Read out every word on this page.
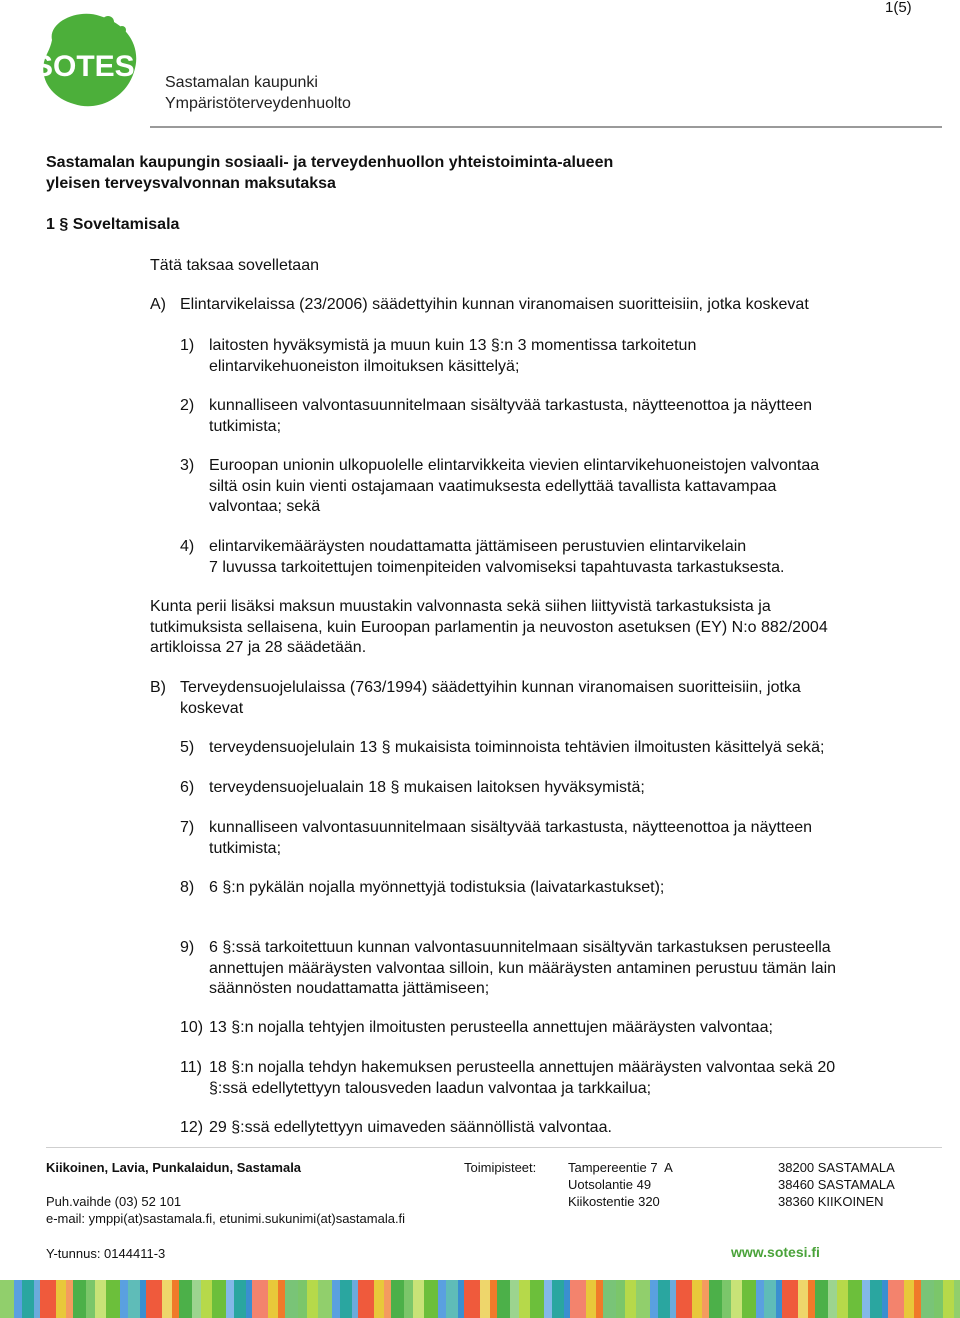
1(5)
SOTESi Sastamalan kaupunki
Ympäristöterveydenhuolto
Sastamalan kaupungin sosiaali- ja terveydenhuollon yhteistoiminta-alueen
yleisen terveysvalvonnan maksutaksa
1 § Soveltamisala
Tätä taksaa sovelletaan
A) Elintarvikelaissa (23/2006) säädettyihin kunnan viranomaisen suoritteisiin, jotka koskevat
1) laitosten hyväksymistä ja muun kuin 13 §:n 3 momentissa tarkoitetun
elintarvikehuoneiston ilmoituksen käsittelyä;
2) kunnalliseen valvontasuunnitelmaan sisältyvää tarkastusta, näytteenottoa ja näytteen
tutkimista;
3) Euroopan unionin ulkopuolelle elintarvikkeita vievien elintarvikehuoneistojen valvontaa
siltä osin kuin vienti ostajamaan vaatimuksesta edellyttää tavallista kattavampaa
valvontaa; sekä
4) elintarvikemääräysten noudattamatta jättämiseen perustuvien elintarvikelain
7 luvussa tarkoitettujen toimenpiteiden valvomiseksi tapahtuvasta tarkastuksesta.
Kunta perii lisäksi maksun muustakin valvonnasta sekä siihen liittyvistä tarkastuksista ja
tutkimuksista sellaisena, kuin Euroopan parlamentin ja neuvoston asetuksen (EY) N:o 882/2004
artikloissa 27 ja 28 säädetään.
B) Terveydensuojelulaissa (763/1994) säädettyihin kunnan viranomaisen suoritteisiin, jotka
koskevat
5) terveydensuojelulain 13 § mukaisista toiminnoista tehtävien ilmoitusten käsittelyä sekä;
6) terveydensuojelualain 18 § mukaisen laitoksen hyväksymistä;
7) kunnalliseen valvontasuunnitelmaan sisältyvää tarkastusta, näytteenottoa ja näytteen
tutkimista;
8) 6 §:n pykälän nojalla myönnettyjä todistuksia (laivatarkastukset);
9) 6 §:ssä tarkoitettuun kunnan valvontasuunnitelmaan sisältyvän tarkastuksen perusteella
annettujen määräysten valvontaa silloin, kun määräysten antaminen perustuu tämän lain
säännösten noudattamatta jättämiseen;
10) 13 §:n nojalla tehtyjen ilmoitusten perusteella annettujen määräysten valvontaa;
11) 18 §:n nojalla tehdyn hakemuksen perusteella annettujen määräysten valvontaa sekä 20
§:ssä edellytettyyn talousveden laadun valvontaa ja tarkkailua;
12) 29 §:ssä edellytettyyn uimaveden säännöllistä valvontaa.
Kiikoinen, Lavia, Punkalaidun, Sastamala	Toimipisteet: Tampereentie 7  A
Uotsolantie 49
Kiikostentie 320
38200 SASTAMALA
38460 SASTAMALA
38360 KIIKOINEN
Puh.vaihde (03) 52 101
e-mail: ymppi(at)sastamala.fi, etunimi.sukunimi(at)sastamala.fi
Y-tunnus: 0144411-3	www.sotesi.fi
